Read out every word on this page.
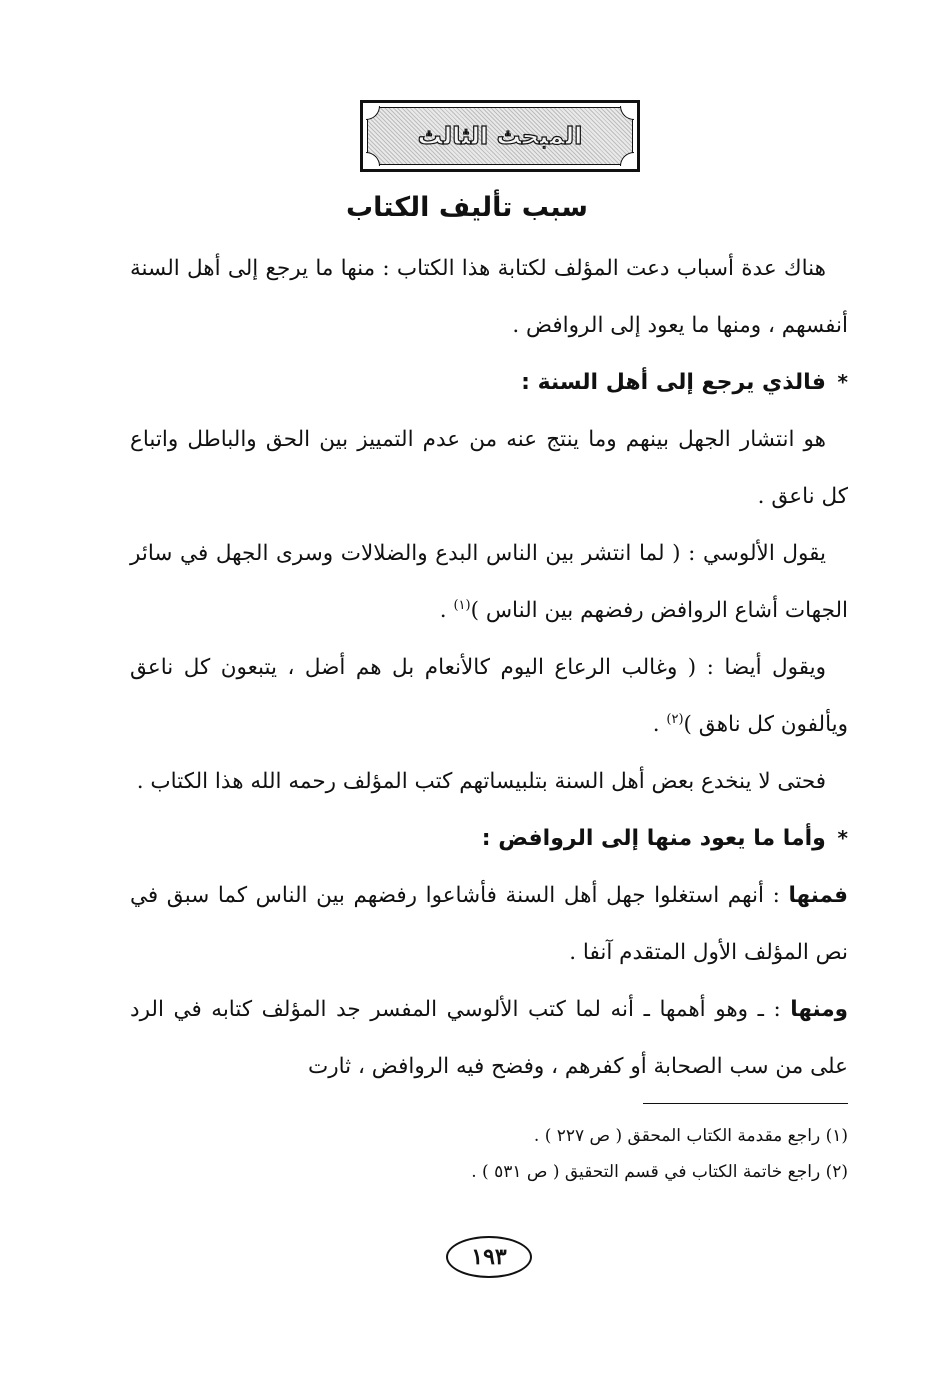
المبحث الثالث
سبب تأليف الكتاب

هناك عدة أسباب دعت المؤلف لكتابة هذا الكتاب : منها ما يرجع إلى أهل السنة أنفسهم ، ومنها ما يعود إلى الروافض .

* فالذي يرجع إلى أهل السنة :

هو انتشار الجهل بينهم وما ينتج عنه من عدم التمييز بين الحق والباطل واتباع كل ناعق .

يقول الألوسي : ( لما انتشر بين الناس البدع والضلالات وسرى الجهل في سائر الجهات أشاع الروافض رفضهم بين الناس )$^{(١)}$ .

ويقول أيضا : ( وغالب الرعاع اليوم كالأنعام بل هم أضل ، يتبعون كل ناعق ويألفون كل ناهق )$^{(٢)}$ .

فحتى لا ينخدع بعض أهل السنة بتلبيساتهم كتب المؤلف رحمه الله هذا الكتاب .

* وأما ما يعود منها إلى الروافض :

فمنها : أنهم استغلوا جهل أهل السنة فأشاعوا رفضهم بين الناس كما سبق في نص المؤلف الأول المتقدم آنفا .

ومنها : ـ وهو أهمها ـ أنه لما كتب الألوسي المفسر جد المؤلف كتابه في الرد على من سب الصحابة أو كفرهم ، وفضح فيه الروافض ، ثارت

(١) راجع مقدمة الكتاب المحقق ( ص ٢٢٧ ) .
(٢) راجع خاتمة الكتاب في قسم التحقيق ( ص ٥٣١ ) .
١٩٣
